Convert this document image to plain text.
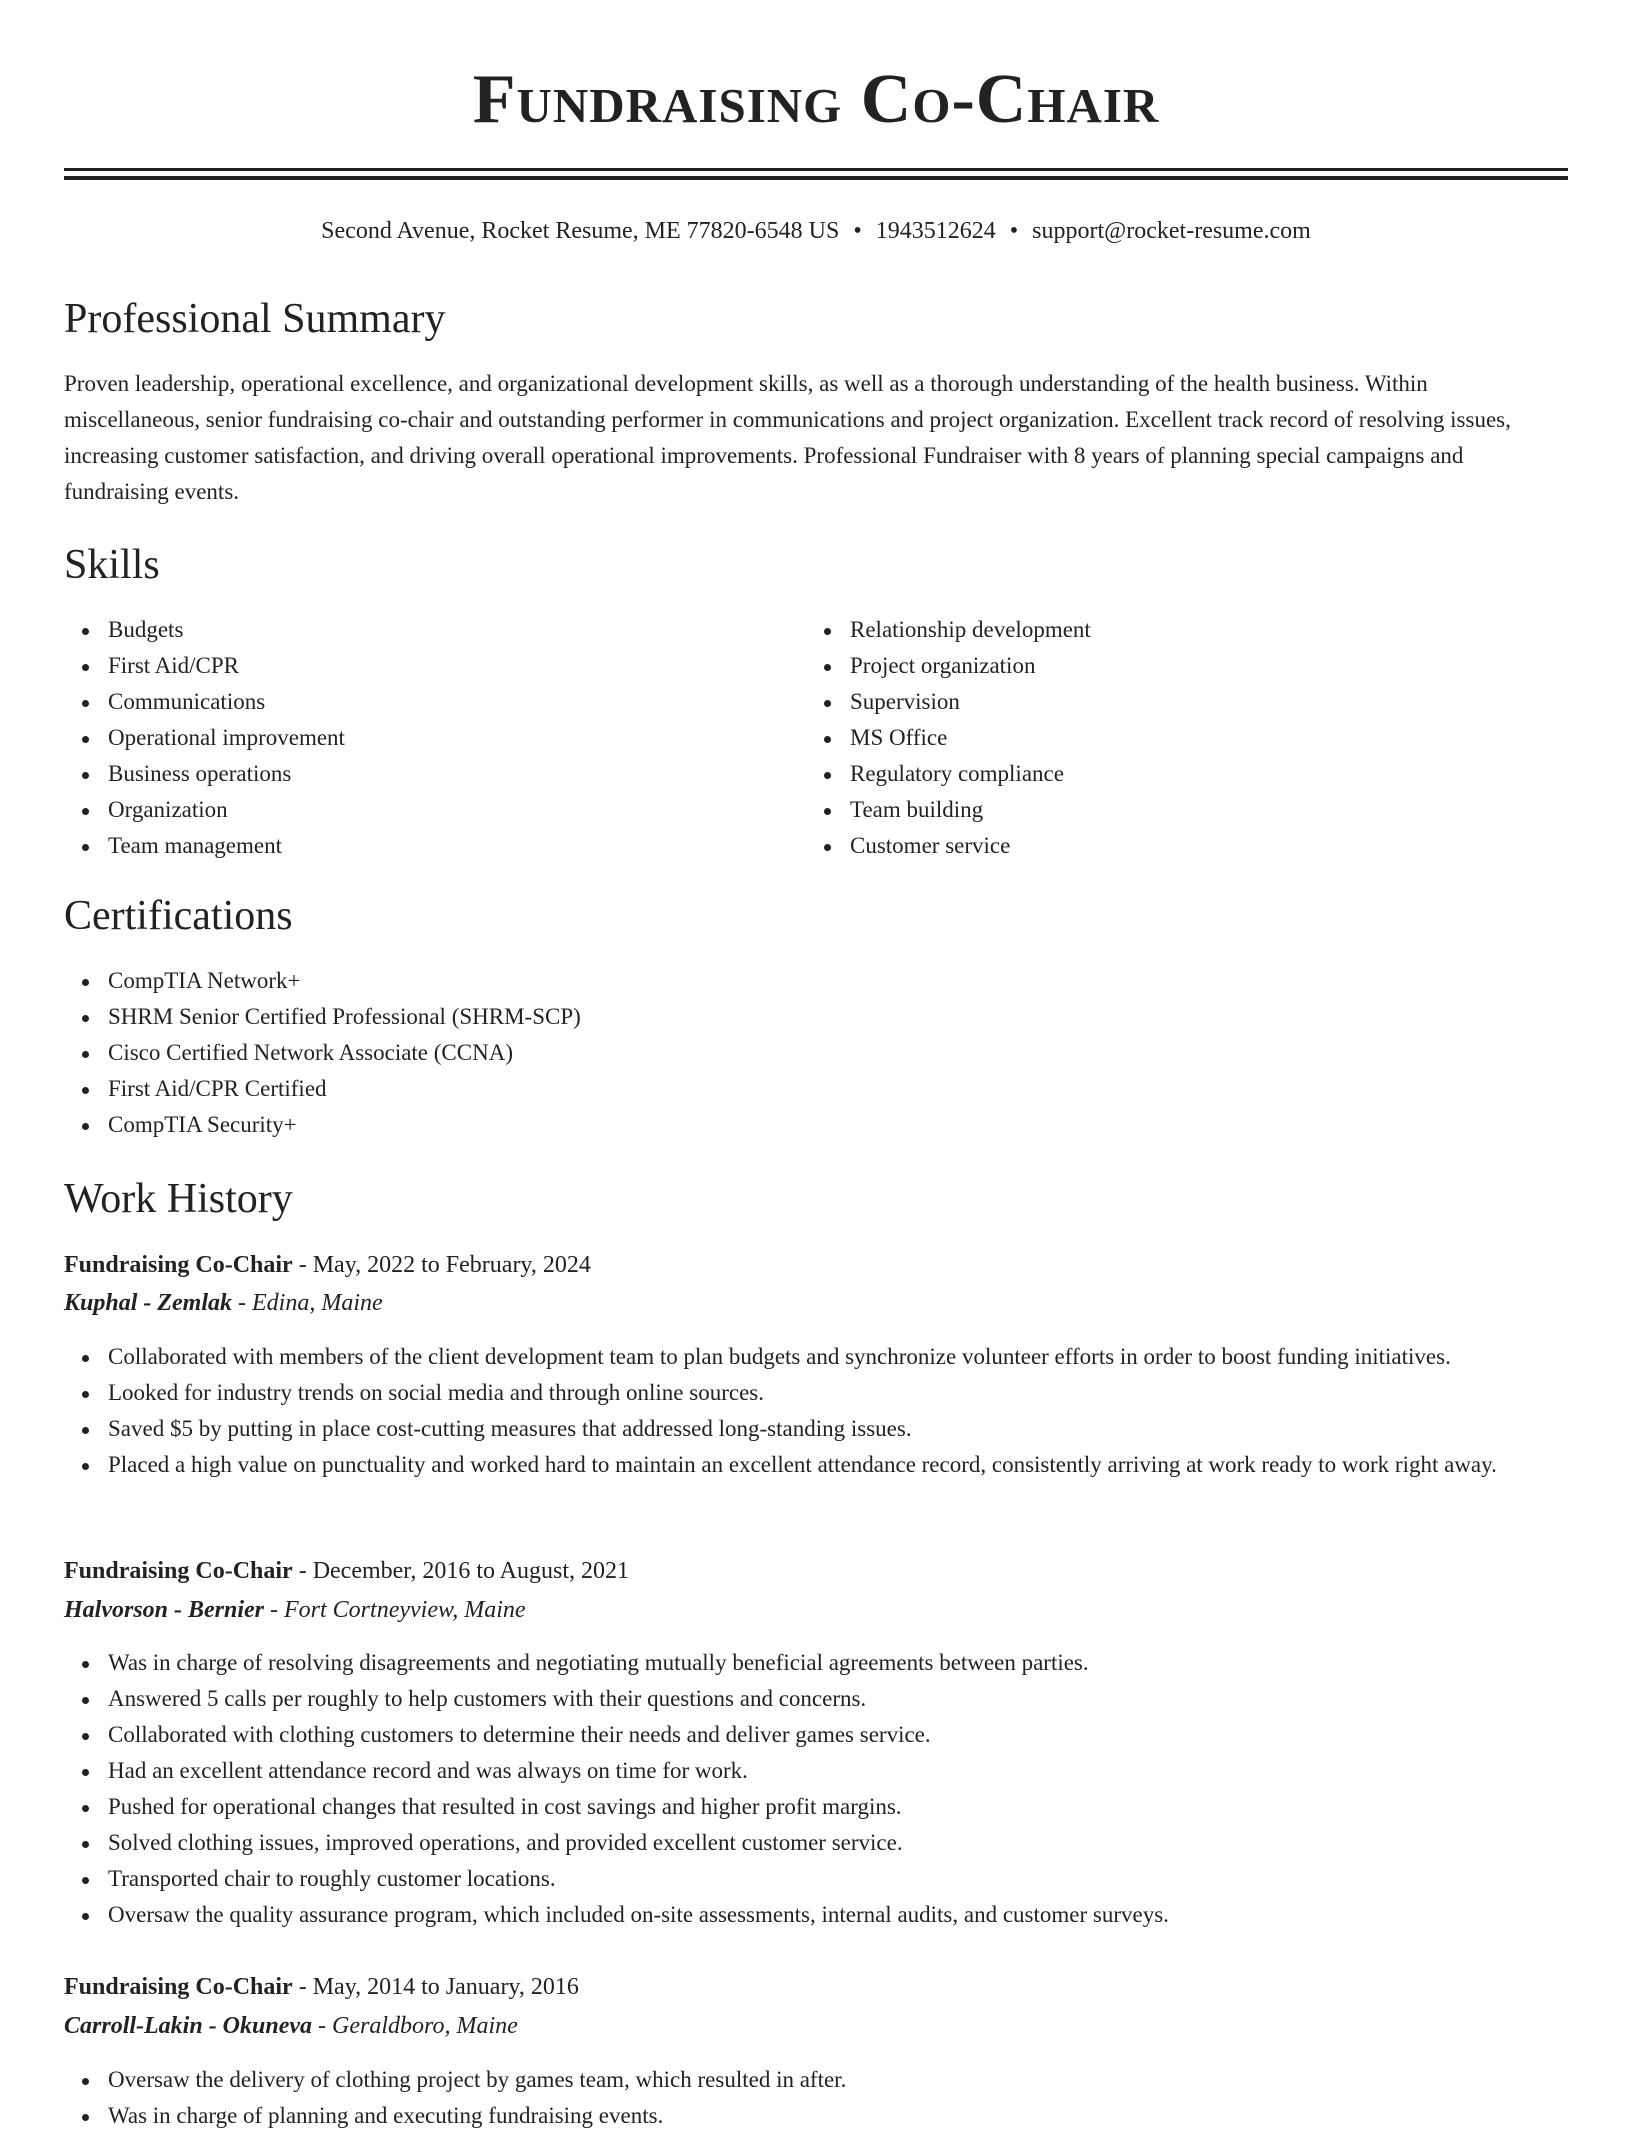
Fundraising Co-Chair
Second Avenue, Rocket Resume, ME 77820-6548 US • 1943512624 • support@rocket-resume.com
Professional Summary

Proven leadership, operational excellence, and organizational development skills, as well as a thorough understanding of the health business. Within miscellaneous, senior fundraising co-chair and outstanding performer in communications and project organization. Excellent track record of resolving issues, increasing customer satisfaction, and driving overall operational improvements. Professional Fundraiser with 8 years of planning special campaigns and fundraising events.

Skills
Budgets
First Aid/CPR
Communications
Operational improvement
Business operations
Organization
Team management
Relationship development
Project organization
Supervision
MS Office
Regulatory compliance
Team building
Customer service
Certifications
CompTIA Network+
SHRM Senior Certified Professional (SHRM-SCP)
Cisco Certified Network Associate (CCNA)
First Aid/CPR Certified
CompTIA Security+
Work History
Fundraising Co-Chair - May, 2022 to February, 2024
Kuphal - Zemlak - Edina, Maine
Collaborated with members of the client development team to plan budgets and synchronize volunteer efforts in order to boost funding initiatives.
Looked for industry trends on social media and through online sources.
Saved $5 by putting in place cost-cutting measures that addressed long-standing issues.
Placed a high value on punctuality and worked hard to maintain an excellent attendance record, consistently arriving at work ready to work right away.
Fundraising Co-Chair - December, 2016 to August, 2021
Halvorson - Bernier - Fort Cortneyview, Maine
Was in charge of resolving disagreements and negotiating mutually beneficial agreements between parties.
Answered 5 calls per roughly to help customers with their questions and concerns.
Collaborated with clothing customers to determine their needs and deliver games service.
Had an excellent attendance record and was always on time for work.
Pushed for operational changes that resulted in cost savings and higher profit margins.
Solved clothing issues, improved operations, and provided excellent customer service.
Transported chair to roughly customer locations.
Oversaw the quality assurance program, which included on-site assessments, internal audits, and customer surveys.
Fundraising Co-Chair - May, 2014 to January, 2016
Carroll-Lakin - Okuneva - Geraldboro, Maine
Oversaw the delivery of clothing project by games team, which resulted in after.
Was in charge of planning and executing fundraising events.
